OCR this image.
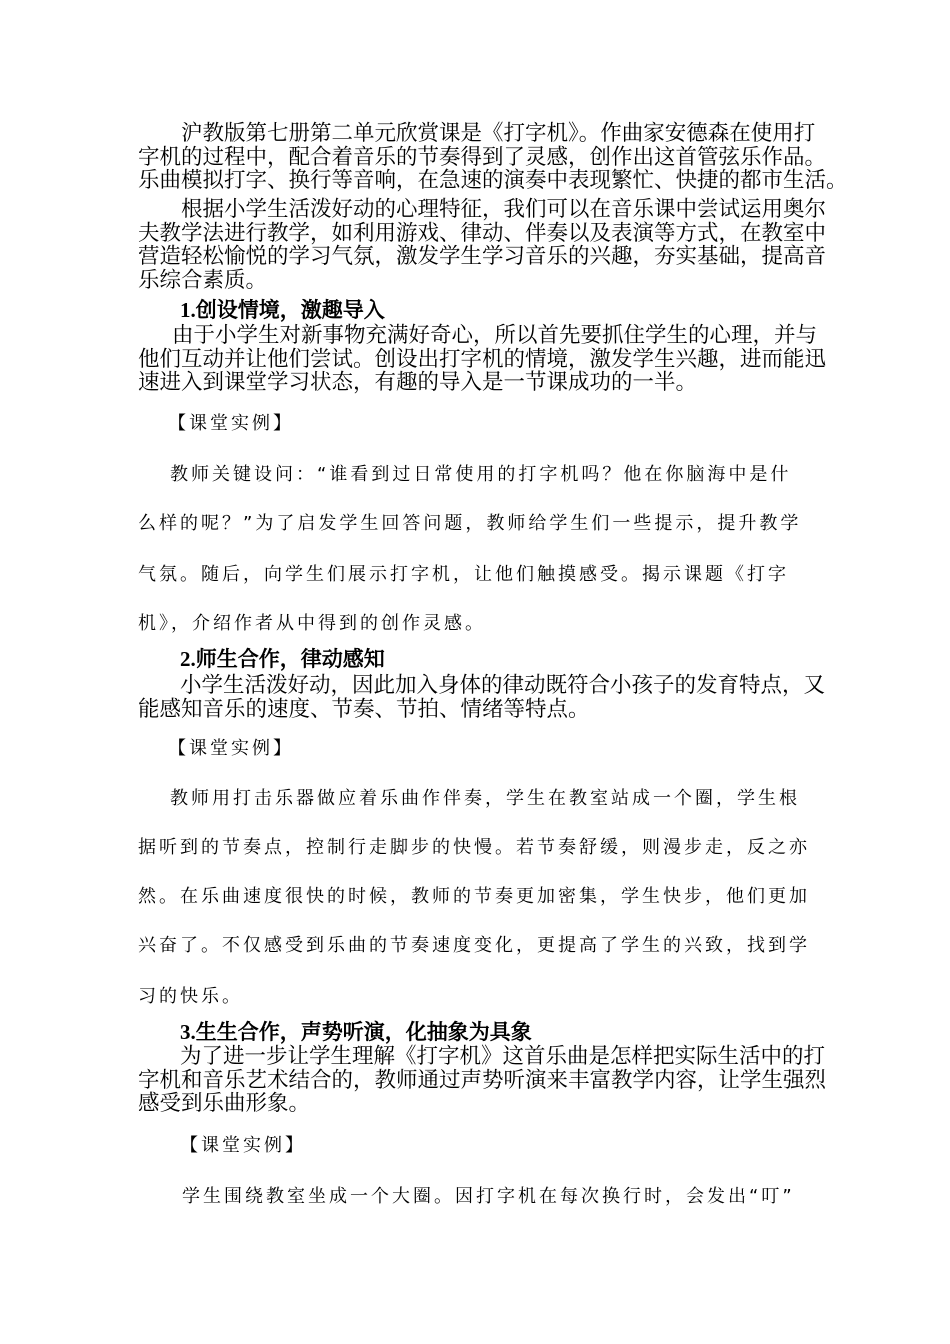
　　沪教版第七册第二单元欣赏课是《打字机》。作曲家安德森在使用打
字机的过程中，配合着音乐的节奏得到了灵感，创作出这首管弦乐作品。
乐曲模拟打字、换行等音响，在急速的演奏中表现繁忙、快捷的都市生活。
　　根据小学生活泼好动的心理特征，我们可以在音乐课中尝试运用奥尔
夫教学法进行教学，如利用游戏、律动、伴奏以及表演等方式，在教室中
营造轻松愉悦的学习气氛，激发学生学习音乐的兴趣，夯实基础，提高音
乐综合素质。
1.创设情境，激趣导入
由于小学生对新事物充满好奇心，所以首先要抓住学生的心理，并与
他们互动并让他们尝试。创设出打字机的情境，激发学生兴趣，进而能迅
速进入到课堂学习状态，有趣的导入是一节课成功的一半。
【课堂实例】
教师关键设问：“谁看到过日常使用的打字机吗？他在你脑海中是什
么样的呢？”为了启发学生回答问题，教师给学生们一些提示，提升教学
气氛。随后，向学生们展示打字机，让他们触摸感受。揭示课题《打字
机》，介绍作者从中得到的创作灵感。
2.师生合作，律动感知
小学生活泼好动，因此加入身体的律动既符合小孩子的发育特点，又
能感知音乐的速度、节奏、节拍、情绪等特点。
【课堂实例】
教师用打击乐器做应着乐曲作伴奏，学生在教室站成一个圈，学生根
据听到的节奏点，控制行走脚步的快慢。若节奏舒缓，则漫步走，反之亦
然。在乐曲速度很快的时候，教师的节奏更加密集，学生快步，他们更加
兴奋了。不仅感受到乐曲的节奏速度变化，更提高了学生的兴致，找到学
习的快乐。
3.生生合作，声势听演，化抽象为具象
为了进一步让学生理解《打字机》这首乐曲是怎样把实际生活中的打
字机和音乐艺术结合的，教师通过声势听演来丰富教学内容，让学生强烈
感受到乐曲形象。
【课堂实例】
学生围绕教室坐成一个大圈。因打字机在每次换行时，会发出“叮”
